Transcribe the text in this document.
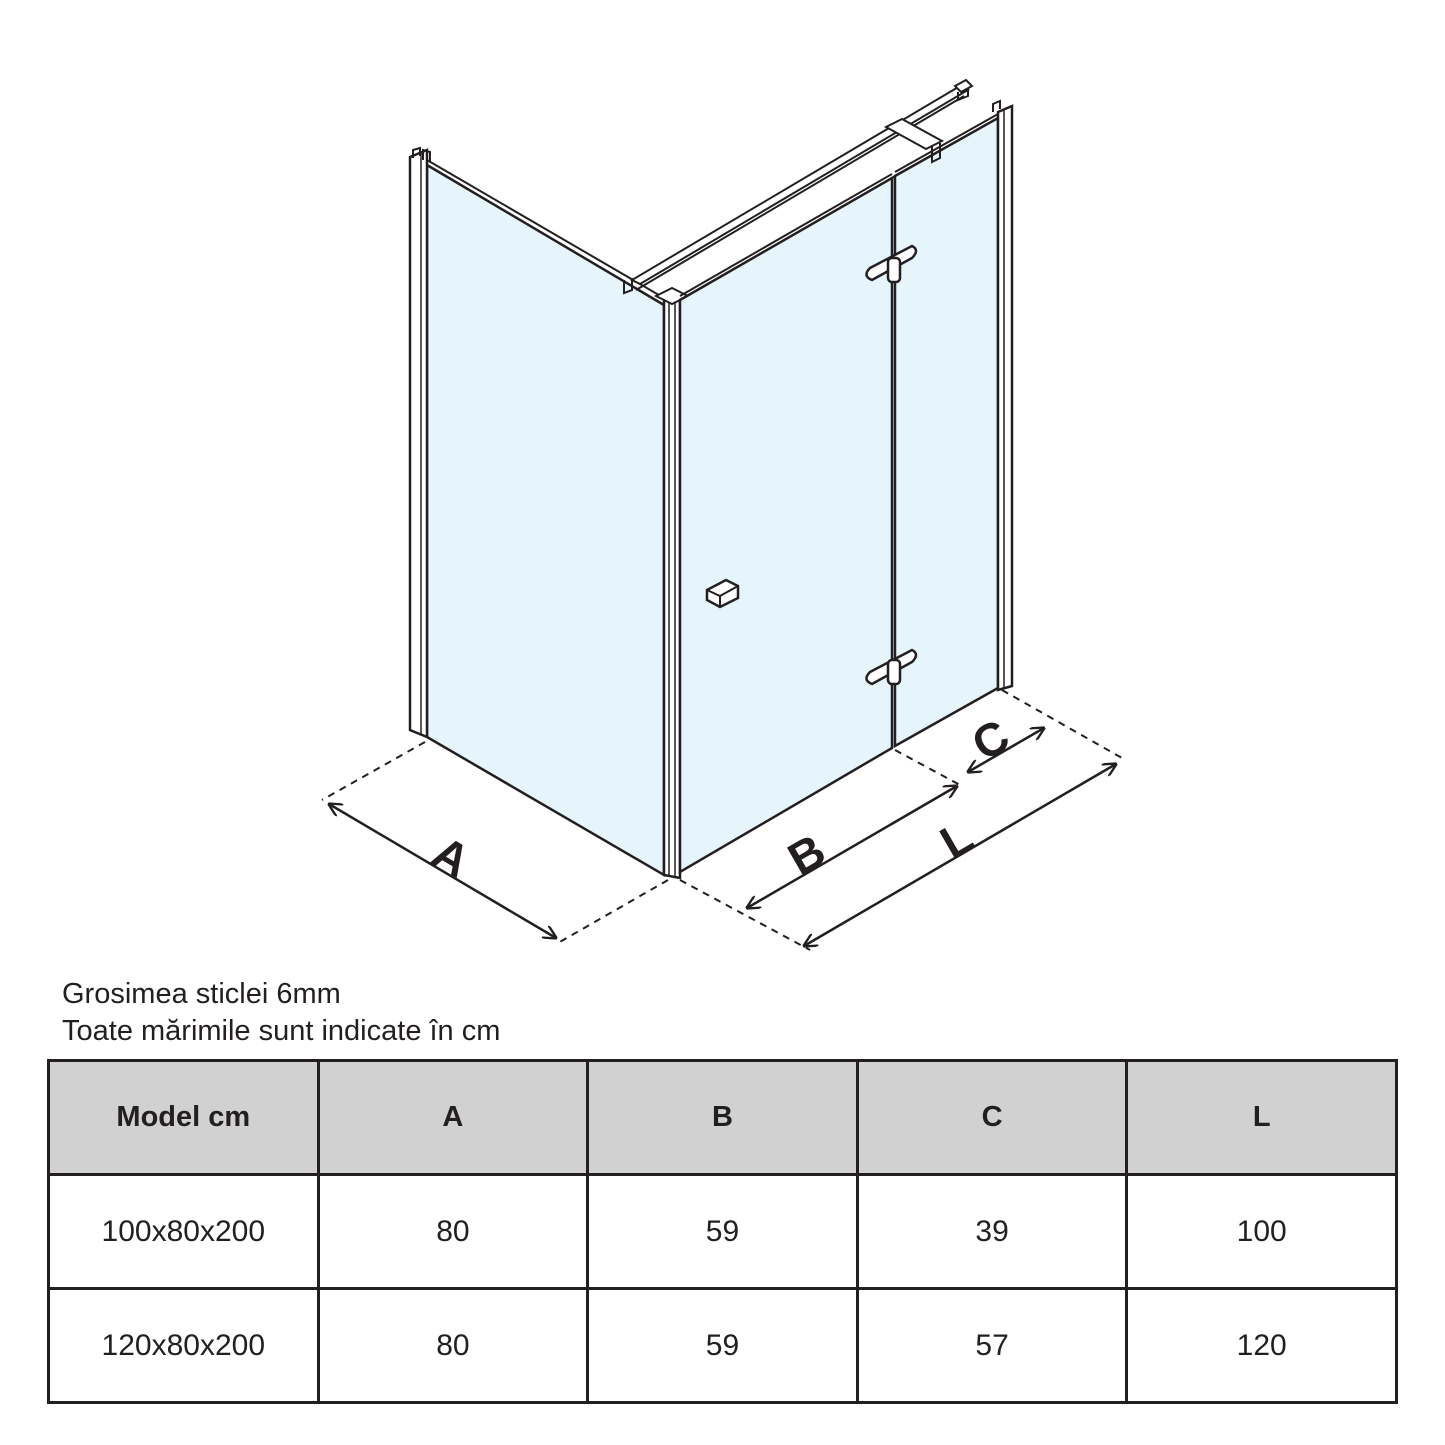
A	B
C
L
Grosimea sticlei 6mm
Toate mărimile sunt indicate în cm
Model cm	A	B	C	L
100x80x200	80	59	39	100
120x80x200	80	59	57	120
